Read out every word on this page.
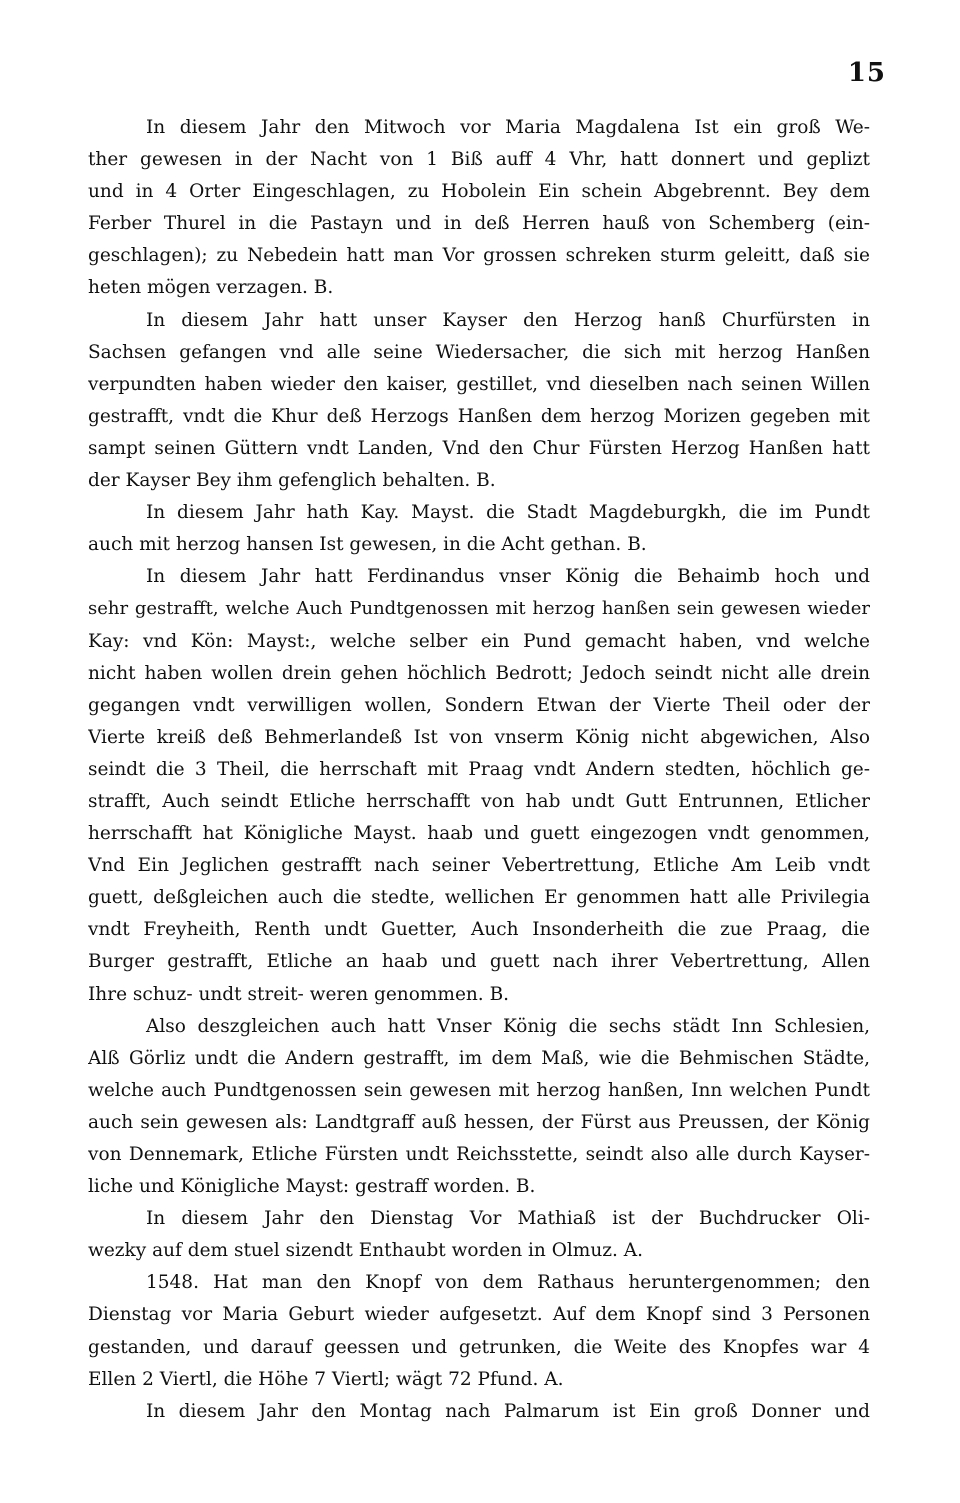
15
In diesem Jahr den Mitwoch vor Maria Magdalena Ist ein groß We-
ther gewesen in der Nacht von 1 Biß auff 4 Vhr, hatt donnert und geplizt
und in 4 Orter Eingeschlagen, zu Hobolein Ein schein Abgebrennt. Bey dem
Ferber Thurel in die Pastayn und in deß Herren hauß von Schemberg (ein-
geschlagen); zu Nebedein hatt man Vor grossen schreken sturm geleitt, daß sie
heten mögen verzagen. B.
In diesem Jahr hatt unser Kayser den Herzog hanß Churfürsten in
Sachsen gefangen vnd alle seine Wiedersacher, die sich mit herzog Hanßen
verpundten haben wieder den kaiser, gestillet, vnd dieselben nach seinen Willen
gestrafft, vndt die Khur deß Herzogs Hanßen dem herzog Morizen gegeben mit
sampt seinen Güttern vndt Landen, Vnd den Chur Fürsten Herzog Hanßen hatt
der Kayser Bey ihm gefenglich behalten. B.
In diesem Jahr hath Kay. Mayst. die Stadt Magdeburgkh, die im Pundt
auch mit herzog hansen Ist gewesen, in die Acht gethan. B.
In diesem Jahr hatt Ferdinandus vnser König die Behaimb hoch und
sehr gestrafft, welche Auch Pundtgenossen mit herzog hanßen sein gewesen wieder
Kay: vnd Kön: Mayst:, welche selber ein Pund gemacht haben, vnd welche
nicht haben wollen drein gehen höchlich Bedrott; Jedoch seindt nicht alle drein
gegangen vndt verwilligen wollen, Sondern Etwan der Vierte Theil oder der
Vierte kreiß deß Behmerlandeß Ist von vnserm König nicht abgewichen, Also
seindt die 3 Theil, die herrschaft mit Praag vndt Andern stedten, höchlich ge-
strafft, Auch seindt Etliche herrschafft von hab undt Gutt Entrunnen, Etlicher
herrschafft hat Königliche Mayst. haab und guett eingezogen vndt genommen,
Vnd Ein Jeglichen gestrafft nach seiner Vebertrettung, Etliche Am Leib vndt
guett, deßgleichen auch die stedte, wellichen Er genommen hatt alle Privilegia
vndt Freyheith, Renth undt Guetter, Auch Insonderheith die zue Praag, die
Burger gestrafft, Etliche an haab und guett nach ihrer Vebertrettung, Allen
Ihre schuz- undt streit- weren genommen. B.
Also deszgleichen auch hatt Vnser König die sechs städt Inn Schlesien,
Alß Görliz undt die Andern gestrafft, im dem Maß, wie die Behmischen Städte,
welche auch Pundtgenossen sein gewesen mit herzog hanßen, Inn welchen Pundt
auch sein gewesen als: Landtgraff auß hessen, der Fürst aus Preussen, der König
von Dennemark, Etliche Fürsten undt Reichsstette, seindt also alle durch Kayser-
liche und Königliche Mayst: gestraff worden. B.
In diesem Jahr den Dienstag Vor Mathiaß ist der Buchdrucker Oli-
wezky auf dem stuel sizendt Enthaubt worden in Olmuz. A.
1548. Hat man den Knopf von dem Rathaus heruntergenommen; den
Dienstag vor Maria Geburt wieder aufgesetzt. Auf dem Knopf sind 3 Personen
gestanden, und darauf geessen und getrunken, die Weite des Knopfes war 4
Ellen 2 Viertl, die Höhe 7 Viertl; wägt 72 Pfund. A.
In diesem Jahr den Montag nach Palmarum ist Ein groß Donner und
